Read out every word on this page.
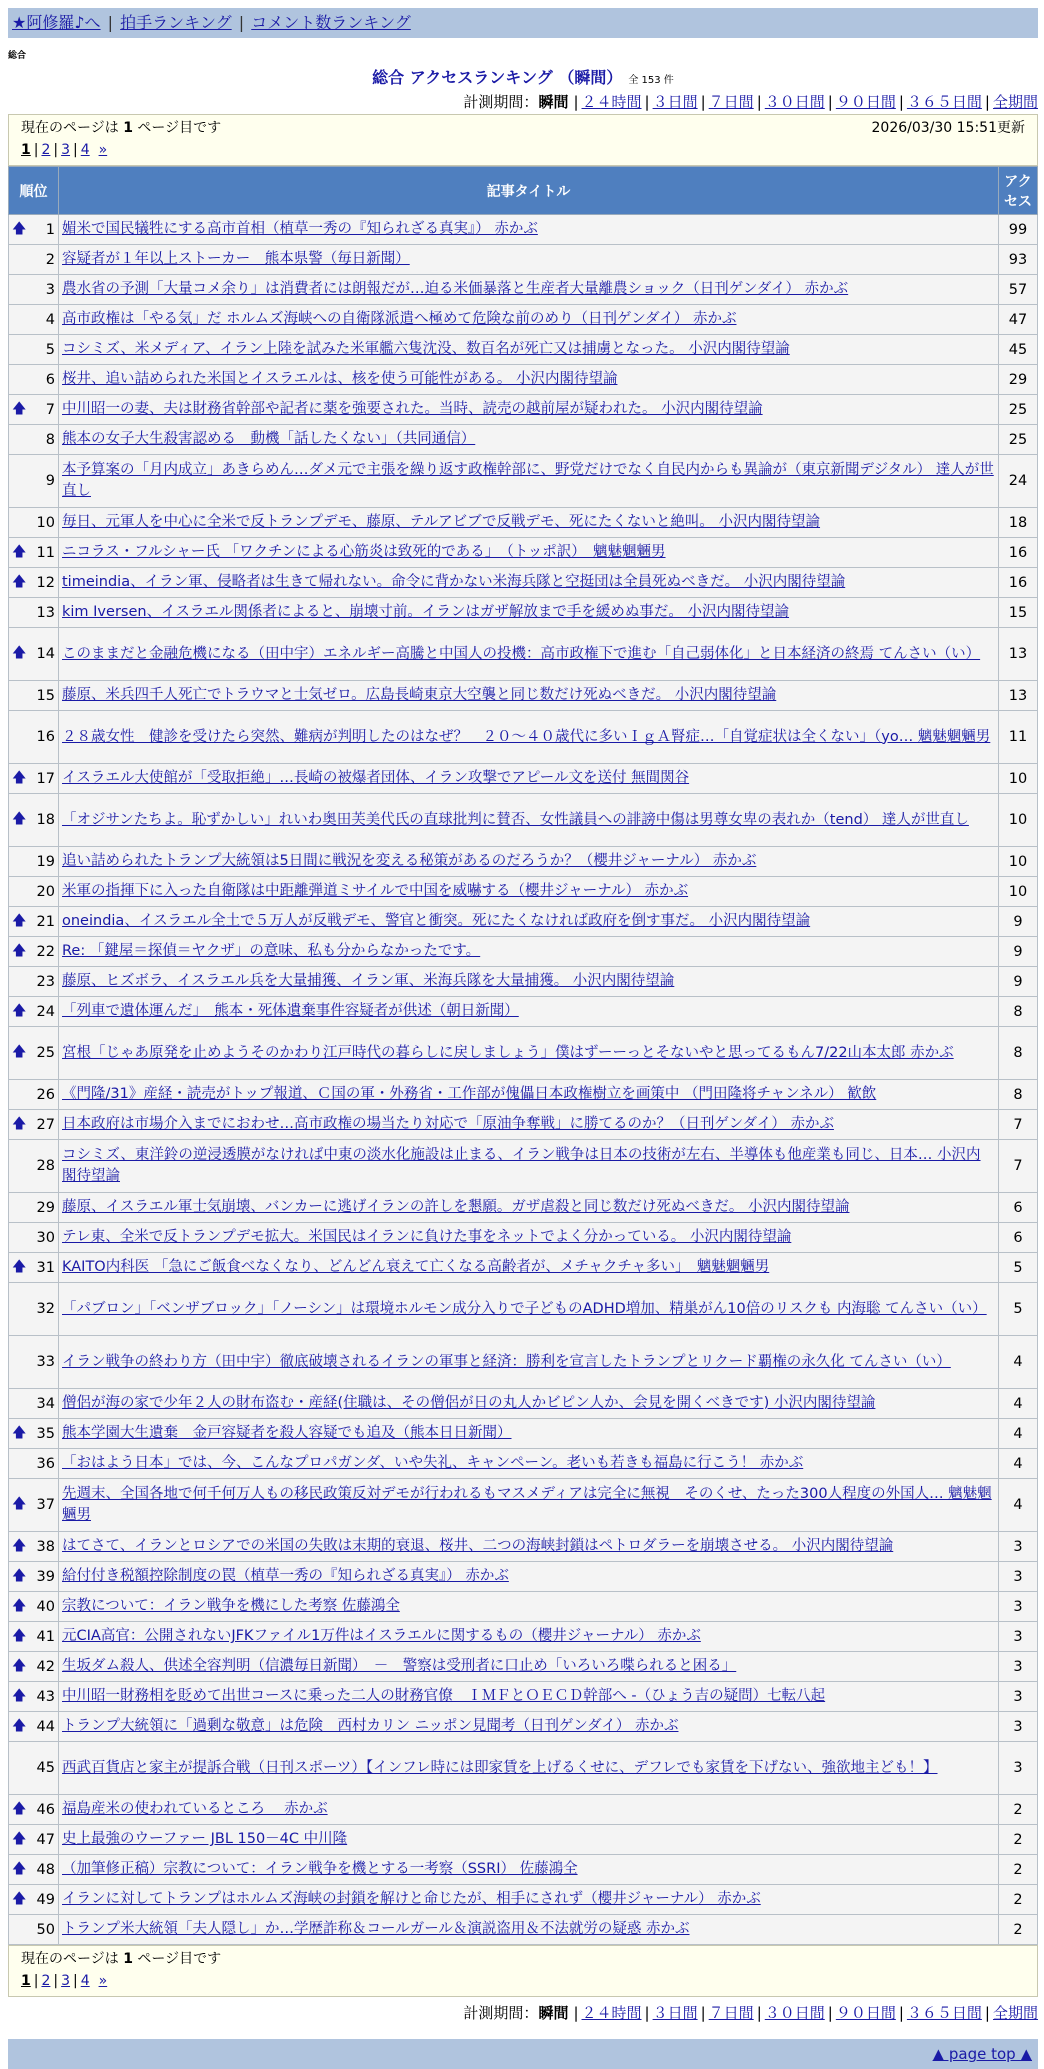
★阿修羅♪へ | 拍手ランキング | コメント数ランキング
総合
総合 アクセスランキング （瞬間） 全 153 件
計測期間：瞬間 | ２４時間 | ３日間 | ７日間 | ３０日間 | ９０日間 | ３６５日間 | 全期間
現在のページは 1 ページ目です	2026/03/30 15:51更新
1 | 2 | 3 | 4 »
順位	記事タイトル	アクセス

🡅 1	媚米で国民犠牲にする高市首相（植草一秀の『知られざる真実』） 赤かぶ	99
2	容疑者が１年以上ストーカー　熊本県警（毎日新聞）	93
3	農水省の予測「大量コメ余り」は消費者には朗報だが…迫る米価暴落と生産者大量離農ショック（日刊ゲンダイ） 赤かぶ	57
4	高市政権は「やる気」だ ホルムズ海峡への自衛隊派遣へ極めて危険な前のめり（日刊ゲンダイ） 赤かぶ	47
5	コシミズ、米メディア、イラン上陸を試みた米軍艦六隻沈没、数百名が死亡又は捕虜となった。 小沢内閣待望論	45
6	桜井、追い詰められた米国とイスラエルは、核を使う可能性がある。 小沢内閣待望論	29

🡅 7	中川昭一の妻、夫は財務省幹部や記者に薬を強要された。当時、読売の越前屋が疑われた。 小沢内閣待望論	25
8	熊本の女子大生殺害認める　動機「話したくない」（共同通信）	25
9	本予算案の「月内成立」あきらめん…ダメ元で主張を繰り返す政権幹部に、野党だけでなく自民内からも異論が（東京新聞デジタル） 達人が世直し	24
10	毎日、元軍人を中心に全米で反トランプデモ、藤原、テルアビブで反戦デモ、死にたくないと絶叫。 小沢内閣待望論	18

🡅 11	ニコラス・フルシャー氏 「ワクチンによる心筋炎は致死的である」　（トッポ訳）　魑魅魍魎男	16

🡅 12	timeindia、イラン軍、侵略者は生きて帰れない。命令に背かない米海兵隊と空挺団は全員死ぬべきだ。 小沢内閣待望論	16
13	kim Iversen、イスラエル関係者によると、崩壊寸前。イランはガザ解放まで手を緩めぬ事だ。 小沢内閣待望論	15

🡅 14	このままだと金融危機になる（田中宇）エネルギー高騰と中国人の投機：高市政権下で進む「自己弱体化」と日本経済の終焉 てんさい（い）	13
15	藤原、米兵四千人死亡でトラウマと士気ゼロ。広島長崎東京大空襲と同じ数だけ死ぬべきだ。 小沢内閣待望論	13
16	２８歳女性　健診を受けたら突然、難病が判明したのはなぜ？　２０～４０歳代に多いＩｇＡ腎症…「自覚症状は全くない」（yo… 魑魅魍魎男	11

🡅 17	イスラエル大使館が「受取拒絶」…長崎の被爆者団体、イラン攻撃でアピール文を送付 無間関谷	10

🡅 18	「オジサンたちよ。恥ずかしい」れいわ奥田芙美代氏の直球批判に賛否、女性議員への誹謗中傷は男尊女卑の表れか（tend） 達人が世直し	10
19	追い詰められたトランプ大統領は5日間に戦況を変える秘策があるのだろうか？（櫻井ジャーナル） 赤かぶ	10
20	米軍の指揮下に入った自衛隊は中距離弾道ミサイルで中国を威嚇する（櫻井ジャーナル） 赤かぶ	10

🡅 21	oneindia、イスラエル全土で５万人が反戦デモ、警官と衝突。死にたくなければ政府を倒す事だ。 小沢内閣待望論	9

🡅 22	Re: 「鍵屋＝探偵＝ヤクザ」の意味、私も分からなかったです。	9
23	藤原、ヒズボラ、イスラエル兵を大量捕獲、イラン軍、米海兵隊を大量捕獲。 小沢内閣待望論	9

🡅 24	「列車で遺体運んだ」　熊本・死体遺棄事件容疑者が供述（朝日新聞）	8

🡅 25	宮根「じゃあ原発を止めようそのかわり江戸時代の暮らしに戻しましょう」僕はずーーっとそないやと思ってるもん7/22山本太郎 赤かぶ	8
26	《門隆/31》産経・読売がトップ報道、Ｃ国の軍・外務省・工作部が傀儡日本政権樹立を画策中 （門田隆将チャンネル） 歓飲	8

🡅 27	日本政府は市場介入までにおわせ…高市政権の場当たり対応で「原油争奪戦」に勝てるのか？（日刊ゲンダイ） 赤かぶ	7
28	コシミズ、東洋鈴の逆浸透膜がなければ中東の淡水化施設は止まる、イラン戦争は日本の技術が左右、半導体も他産業も同じ、日本… 小沢内閣待望論	7
29	藤原、イスラエル軍士気崩壊、バンカーに逃げイランの許しを懇願。ガザ虐殺と同じ数だけ死ぬべきだ。 小沢内閣待望論	6
30	テレ東、全米で反トランプデモ拡大。米国民はイランに負けた事をネットでよく分かっている。 小沢内閣待望論	6

🡅 31	KAITO内科医 「急にご飯食べなくなり、どんどん衰えて亡くなる高齢者が、メチャクチャ多い」　魑魅魍魎男	5
32	「パブロン」「ベンザブロック」「ノーシン」は環境ホルモン成分入りで子どものADHD増加、精巣がん10倍のリスクも 内海聡 てんさい（い）	5
33	イラン戦争の終わり方（田中宇）徹底破壊されるイランの軍事と経済：勝利を宣言したトランプとリクード覇権の永久化 てんさい（い）	4
34	僧侶が海の家で少年２人の財布盗む・産経(住職は、その僧侶が日の丸人かビピン人か、会見を開くべきです) 小沢内閣待望論	4

🡅 35	熊本学園大生遺棄　金戸容疑者を殺人容疑でも追及（熊本日日新聞）	4
36	「おはよう日本」では、今、こんなプロパガンダ、いや失礼、キャンペーン。老いも若きも福島に行こう！ 赤かぶ	4

🡅 37	先週末、全国各地で何千何万人もの移民政策反対デモが行われるもマスメディアは完全に無視　そのくせ、たった300人程度の外国人… 魑魅魍魎男	4

🡅 38	はてさて、イランとロシアでの米国の失敗は末期的衰退、桜井、二つの海峡封鎖はペトロダラーを崩壊させる。 小沢内閣待望論	3

🡅 39	給付付き税額控除制度の罠（植草一秀の『知られざる真実』） 赤かぶ	3

🡅 40	宗教について：イラン戦争を機にした考察 佐藤鴻全	3

🡅 41	元CIA高官：公開されないJFKファイル1万件はイスラエルに関するもの（櫻井ジャーナル） 赤かぶ	3

🡅 42	生坂ダム殺人、供述全容判明（信濃毎日新聞）　－　警察は受刑者に口止め「いろいろ喋られると困る」	3

🡅 43	中川昭一財務相を貶めて出世コースに乗った二人の財務官僚　ＩＭＦとＯＥＣＤ幹部へ -（ひょう吉の疑問）七転八起	3

🡅 44	トランプ大統領に「過剰な敬意」は危険　西村カリン ニッポン見聞考（日刊ゲンダイ） 赤かぶ	3
45	西武百貨店と家主が提訴合戦（日刊スポーツ）【インフレ時には即家賃を上げるくせに、デフレでも家賃を下げない、強欲地主ども！】	3

🡅 46	福島産米の使われているところ　 赤かぶ	2

🡅 47	史上最強のウーファー JBL 150－4C 中川隆	2

🡅 48	（加筆修正稿）宗教について：イラン戦争を機とする一考察（SSRI） 佐藤鴻全	2

🡅 49	イランに対してトランプはホルムズ海峡の封鎖を解けと命じたが、相手にされず（櫻井ジャーナル） 赤かぶ	2
50	トランプ米大統領「夫人隠し」か…学歴詐称＆コールガール＆演説盗用＆不法就労の疑惑 赤かぶ	2
現在のページは 1 ページ目です
1 | 2 | 3 | 4 »
計測期間：瞬間 | ２４時間 | ３日間 | ７日間 | ３０日間 | ９０日間 | ３６５日間 | 全期間
▲ page top ▲
